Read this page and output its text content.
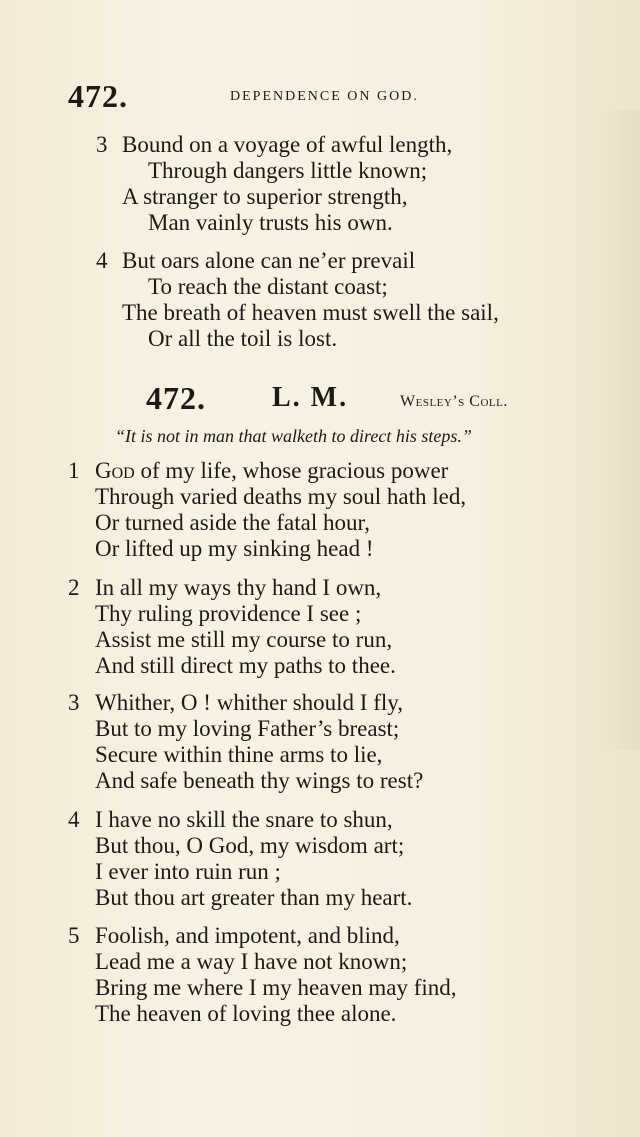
472.	DEPENDENCE ON GOD.
3 Bound on a voyage of awful length,
Through dangers little known;
A stranger to superior strength,
Man vainly trusts his own.
4 But oars alone can ne’er prevail
To reach the distant coast;
The breath of heaven must swell the sail,
Or all the toil is lost.
472. L. M.	Wesley’s Coll.
“It is not in man that walketh to direct his steps.”
1 God of my life, whose gracious power
Through varied deaths my soul hath led,
Or turned aside the fatal hour,
Or lifted up my sinking head !
2 In all my ways thy hand I own,
Thy ruling providence I see ;
Assist me still my course to run,
And still direct my paths to thee.
3 Whither, O ! whither should I fly,
But to my loving Father’s breast;
Secure within thine arms to lie,
And safe beneath thy wings to rest?
4 I have no skill the snare to shun,
But thou, O God, my wisdom art;
I ever into ruin run ;
But thou art greater than my heart.
5 Foolish, and impotent, and blind,
Lead me a way I have not known;
Bring me where I my heaven may find,
The heaven of loving thee alone.
